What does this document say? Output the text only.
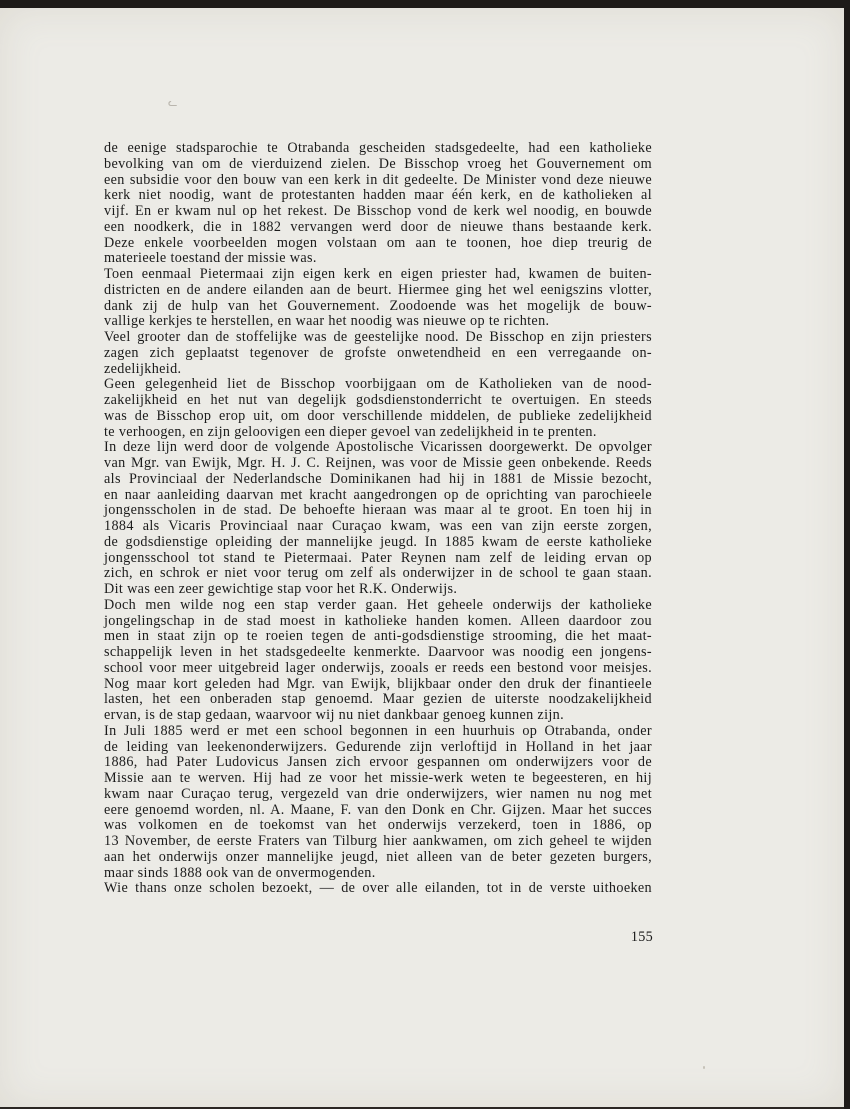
ᓚ
de eenige stadsparochie te Otrabanda gescheiden stadsgedeelte, had een katholieke
bevolking van om de vierduizend zielen. De Bisschop vroeg het Gouvernement om
een subsidie voor den bouw van een kerk in dit gedeelte. De Minister vond deze nieuwe
kerk niet noodig, want de protestanten hadden maar één kerk, en de katholieken al
vijf. En er kwam nul op het rekest. De Bisschop vond de kerk wel noodig, en bouwde
een noodkerk, die in 1882 vervangen werd door de nieuwe thans bestaande kerk.
Deze enkele voorbeelden mogen volstaan om aan te toonen, hoe diep treurig de
materieele toestand der missie was.
Toen eenmaal Pietermaai zijn eigen kerk en eigen priester had, kwamen de buiten-
districten en de andere eilanden aan de beurt. Hiermee ging het wel eenigszins vlotter,
dank zij de hulp van het Gouvernement. Zoodoende was het mogelijk de bouw-
vallige kerkjes te herstellen, en waar het noodig was nieuwe op te richten.
Veel grooter dan de stoffelijke was de geestelijke nood. De Bisschop en zijn priesters
zagen zich geplaatst tegenover de grofste onwetendheid en een verregaande on-
zedelijkheid.
Geen gelegenheid liet de Bisschop voorbijgaan om de Katholieken van de nood-
zakelijkheid en het nut van degelijk godsdienstonderricht te overtuigen. En steeds
was de Bisschop erop uit, om door verschillende middelen, de publieke zedelijkheid
te verhoogen, en zijn geloovigen een dieper gevoel van zedelijkheid in te prenten.
In deze lijn werd door de volgende Apostolische Vicarissen doorgewerkt. De opvolger
van Mgr. van Ewijk, Mgr. H. J. C. Reijnen, was voor de Missie geen onbekende. Reeds
als Provinciaal der Nederlandsche Dominikanen had hij in 1881 de Missie bezocht,
en naar aanleiding daarvan met kracht aangedrongen op de oprichting van parochieele
jongensscholen in de stad. De behoefte hieraan was maar al te groot. En toen hij in
1884 als Vicaris Provinciaal naar Curaçao kwam, was een van zijn eerste zorgen,
de godsdienstige opleiding der mannelijke jeugd. In 1885 kwam de eerste katholieke
jongensschool tot stand te Pietermaai. Pater Reynen nam zelf de leiding ervan op
zich, en schrok er niet voor terug om zelf als onderwijzer in de school te gaan staan.
Dit was een zeer gewichtige stap voor het R.K. Onderwijs.
Doch men wilde nog een stap verder gaan. Het geheele onderwijs der katholieke
jongelingschap in de stad moest in katholieke handen komen. Alleen daardoor zou
men in staat zijn op te roeien tegen de anti-godsdienstige strooming, die het maat-
schappelijk leven in het stadsgedeelte kenmerkte. Daarvoor was noodig een jongens-
school voor meer uitgebreid lager onderwijs, zooals er reeds een bestond voor meisjes.
Nog maar kort geleden had Mgr. van Ewijk, blijkbaar onder den druk der finantieele
lasten, het een onberaden stap genoemd. Maar gezien de uiterste noodzakelijkheid
ervan, is de stap gedaan, waarvoor wij nu niet dankbaar genoeg kunnen zijn.
In Juli 1885 werd er met een school begonnen in een huurhuis op Otrabanda, onder
de leiding van leekenonderwijzers. Gedurende zijn verloftijd in Holland in het jaar
1886, had Pater Ludovicus Jansen zich ervoor gespannen om onderwijzers voor de
Missie aan te werven. Hij had ze voor het missie-werk weten te begeesteren, en hij
kwam naar Curaçao terug, vergezeld van drie onderwijzers, wier namen nu nog met
eere genoemd worden, nl. A. Maane, F. van den Donk en Chr. Gijzen. Maar het succes
was volkomen en de toekomst van het onderwijs verzekerd, toen in 1886, op
13 November, de eerste Fraters van Tilburg hier aankwamen, om zich geheel te wijden
aan het onderwijs onzer mannelijke jeugd, niet alleen van de beter gezeten burgers,
maar sinds 1888 ook van de onvermogenden.
Wie thans onze scholen bezoekt, — de over alle eilanden, tot in de verste uithoeken
155
